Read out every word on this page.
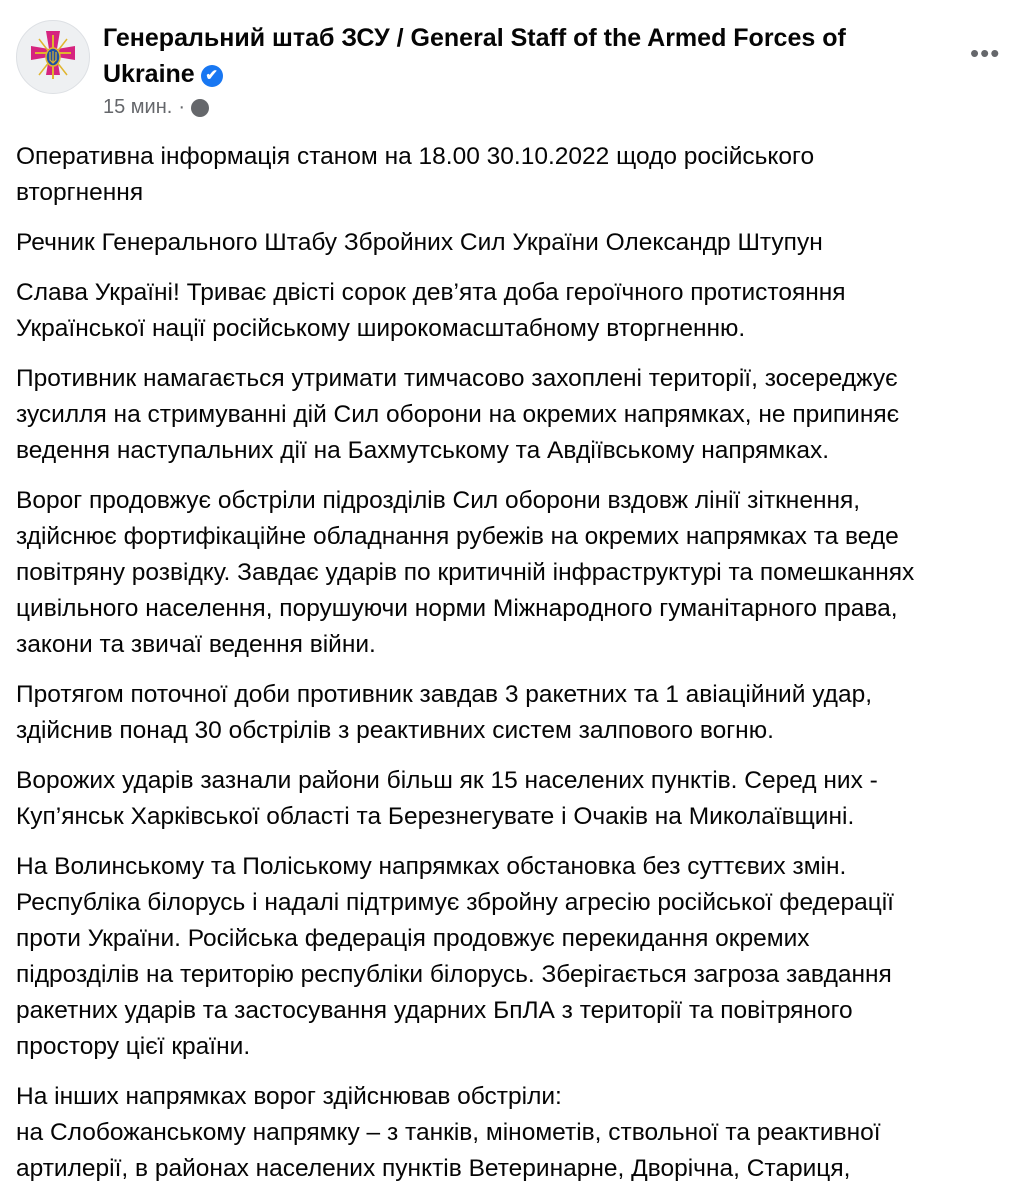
Генеральний штаб ЗСУ / General Staff of the Armed Forces of
Ukraine ✔
15 мин. ·
•••
Оперативна інформація станом на 18.00 30.10.2022 щодо російського
вторгнення
Речник Генерального Штабу Збройних Сил України Олександр Штупун
Слава Україні! Триває двісті сорок дев’ята доба героїчного протистояння
Української нації російському широкомасштабному вторгненню.
Противник намагається утримати тимчасово захоплені території, зосереджує
зусилля на стримуванні дій Сил оборони на окремих напрямках, не припиняє
ведення наступальних дії на Бахмутському та Авдіївському напрямках.
Ворог продовжує обстріли підрозділів Сил оборони вздовж лінії зіткнення,
здійснює фортифікаційне обладнання рубежів на окремих напрямках та веде
повітряну розвідку. Завдає ударів по критичній інфраструктурі та помешканнях
цивільного населення, порушуючи норми Міжнародного гуманітарного права,
закони та звичаї ведення війни.
Протягом поточної доби противник завдав 3 ракетних та 1 авіаційний удар,
здійснив понад 30 обстрілів з реактивних систем залпового вогню.
Ворожих ударів зазнали райони більш як 15 населених пунктів. Серед них -
Куп’янськ Харківської області та Березнегувате і Очаків на Миколаївщині.
На Волинському та Поліському напрямках обстановка без суттєвих змін.
Республіка білорусь і надалі підтримує збройну агресію російської федерації
проти України. Російська федерація продовжує перекидання окремих
підрозділів на територію республіки білорусь. Зберігається загроза завдання
ракетних ударів та застосування ударних БпЛА з території та повітряного
простору цієї країни.
На інших напрямках ворог здійснював обстріли:
на Слобожанському напрямку – з танків, мінометів, ствольної та реактивної
артилерії, в районах населених пунктів Ветеринарне, Дворічна, Стариця,
